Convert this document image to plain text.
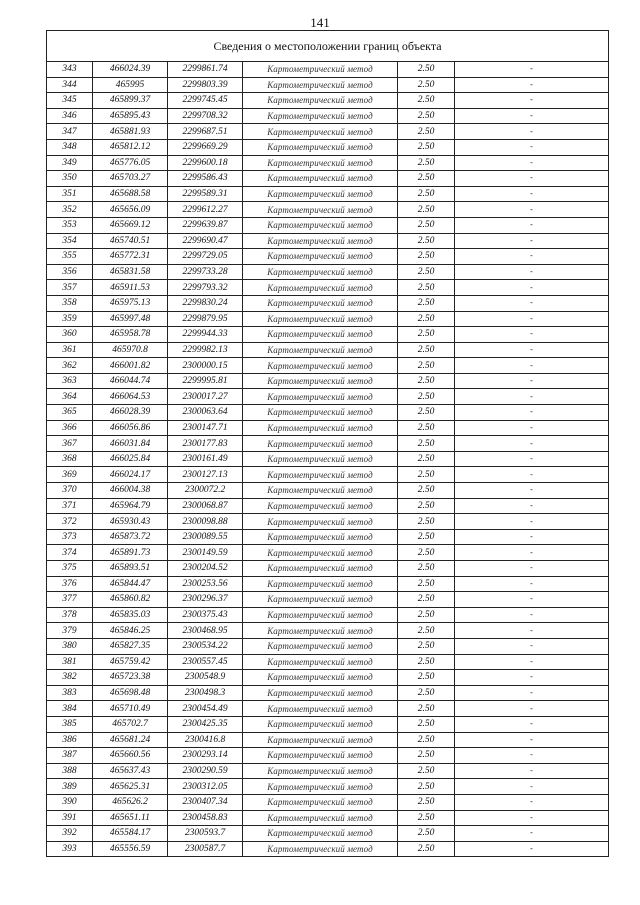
141
Сведения о местоположении границ объекта					
343	466024.39	2299861.74	Картометрический метод	2.50	-
344	465995	2299803.39	Картометрический метод	2.50	-
345	465899.37	2299745.45	Картометрический метод	2.50	-
346	465895.43	2299708.32	Картометрический метод	2.50	-
347	465881.93	2299687.51	Картометрический метод	2.50	-
348	465812.12	2299669.29	Картометрический метод	2.50	-
349	465776.05	2299600.18	Картометрический метод	2.50	-
350	465703.27	2299586.43	Картометрический метод	2.50	-
351	465688.58	2299589.31	Картометрический метод	2.50	-
352	465656.09	2299612.27	Картометрический метод	2.50	-
353	465669.12	2299639.87	Картометрический метод	2.50	-
354	465740.51	2299690.47	Картометрический метод	2.50	-
355	465772.31	2299729.05	Картометрический метод	2.50	-
356	465831.58	2299733.28	Картометрический метод	2.50	-
357	465911.53	2299793.32	Картометрический метод	2.50	-
358	465975.13	2299830.24	Картометрический метод	2.50	-
359	465997.48	2299879.95	Картометрический метод	2.50	-
360	465958.78	2299944.33	Картометрический метод	2.50	-
361	465970.8	2299982.13	Картометрический метод	2.50	-
362	466001.82	2300000.15	Картометрический метод	2.50	-
363	466044.74	2299995.81	Картометрический метод	2.50	-
364	466064.53	2300017.27	Картометрический метод	2.50	-
365	466028.39	2300063.64	Картометрический метод	2.50	-
366	466056.86	2300147.71	Картометрический метод	2.50	-
367	466031.84	2300177.83	Картометрический метод	2.50	-
368	466025.84	2300161.49	Картометрический метод	2.50	-
369	466024.17	2300127.13	Картометрический метод	2.50	-
370	466004.38	2300072.2	Картометрический метод	2.50	-
371	465964.79	2300068.87	Картометрический метод	2.50	-
372	465930.43	2300098.88	Картометрический метод	2.50	-
373	465873.72	2300089.55	Картометрический метод	2.50	-
374	465891.73	2300149.59	Картометрический метод	2.50	-
375	465893.51	2300204.52	Картометрический метод	2.50	-
376	465844.47	2300253.56	Картометрический метод	2.50	-
377	465860.82	2300296.37	Картометрический метод	2.50	-
378	465835.03	2300375.43	Картометрический метод	2.50	-
379	465846.25	2300468.95	Картометрический метод	2.50	-
380	465827.35	2300534.22	Картометрический метод	2.50	-
381	465759.42	2300557.45	Картометрический метод	2.50	-
382	465723.38	2300548.9	Картометрический метод	2.50	-
383	465698.48	2300498.3	Картометрический метод	2.50	-
384	465710.49	2300454.49	Картометрический метод	2.50	-
385	465702.7	2300425.35	Картометрический метод	2.50	-
386	465681.24	2300416.8	Картометрический метод	2.50	-
387	465660.56	2300293.14	Картометрический метод	2.50	-
388	465637.43	2300290.59	Картометрический метод	2.50	-
389	465625.31	2300312.05	Картометрический метод	2.50	-
390	465626.2	2300407.34	Картометрический метод	2.50	-
391	465651.11	2300458.83	Картометрический метод	2.50	-
392	465584.17	2300593.7	Картометрический метод	2.50	-
393	465556.59	2300587.7	Картометрический метод	2.50	-
